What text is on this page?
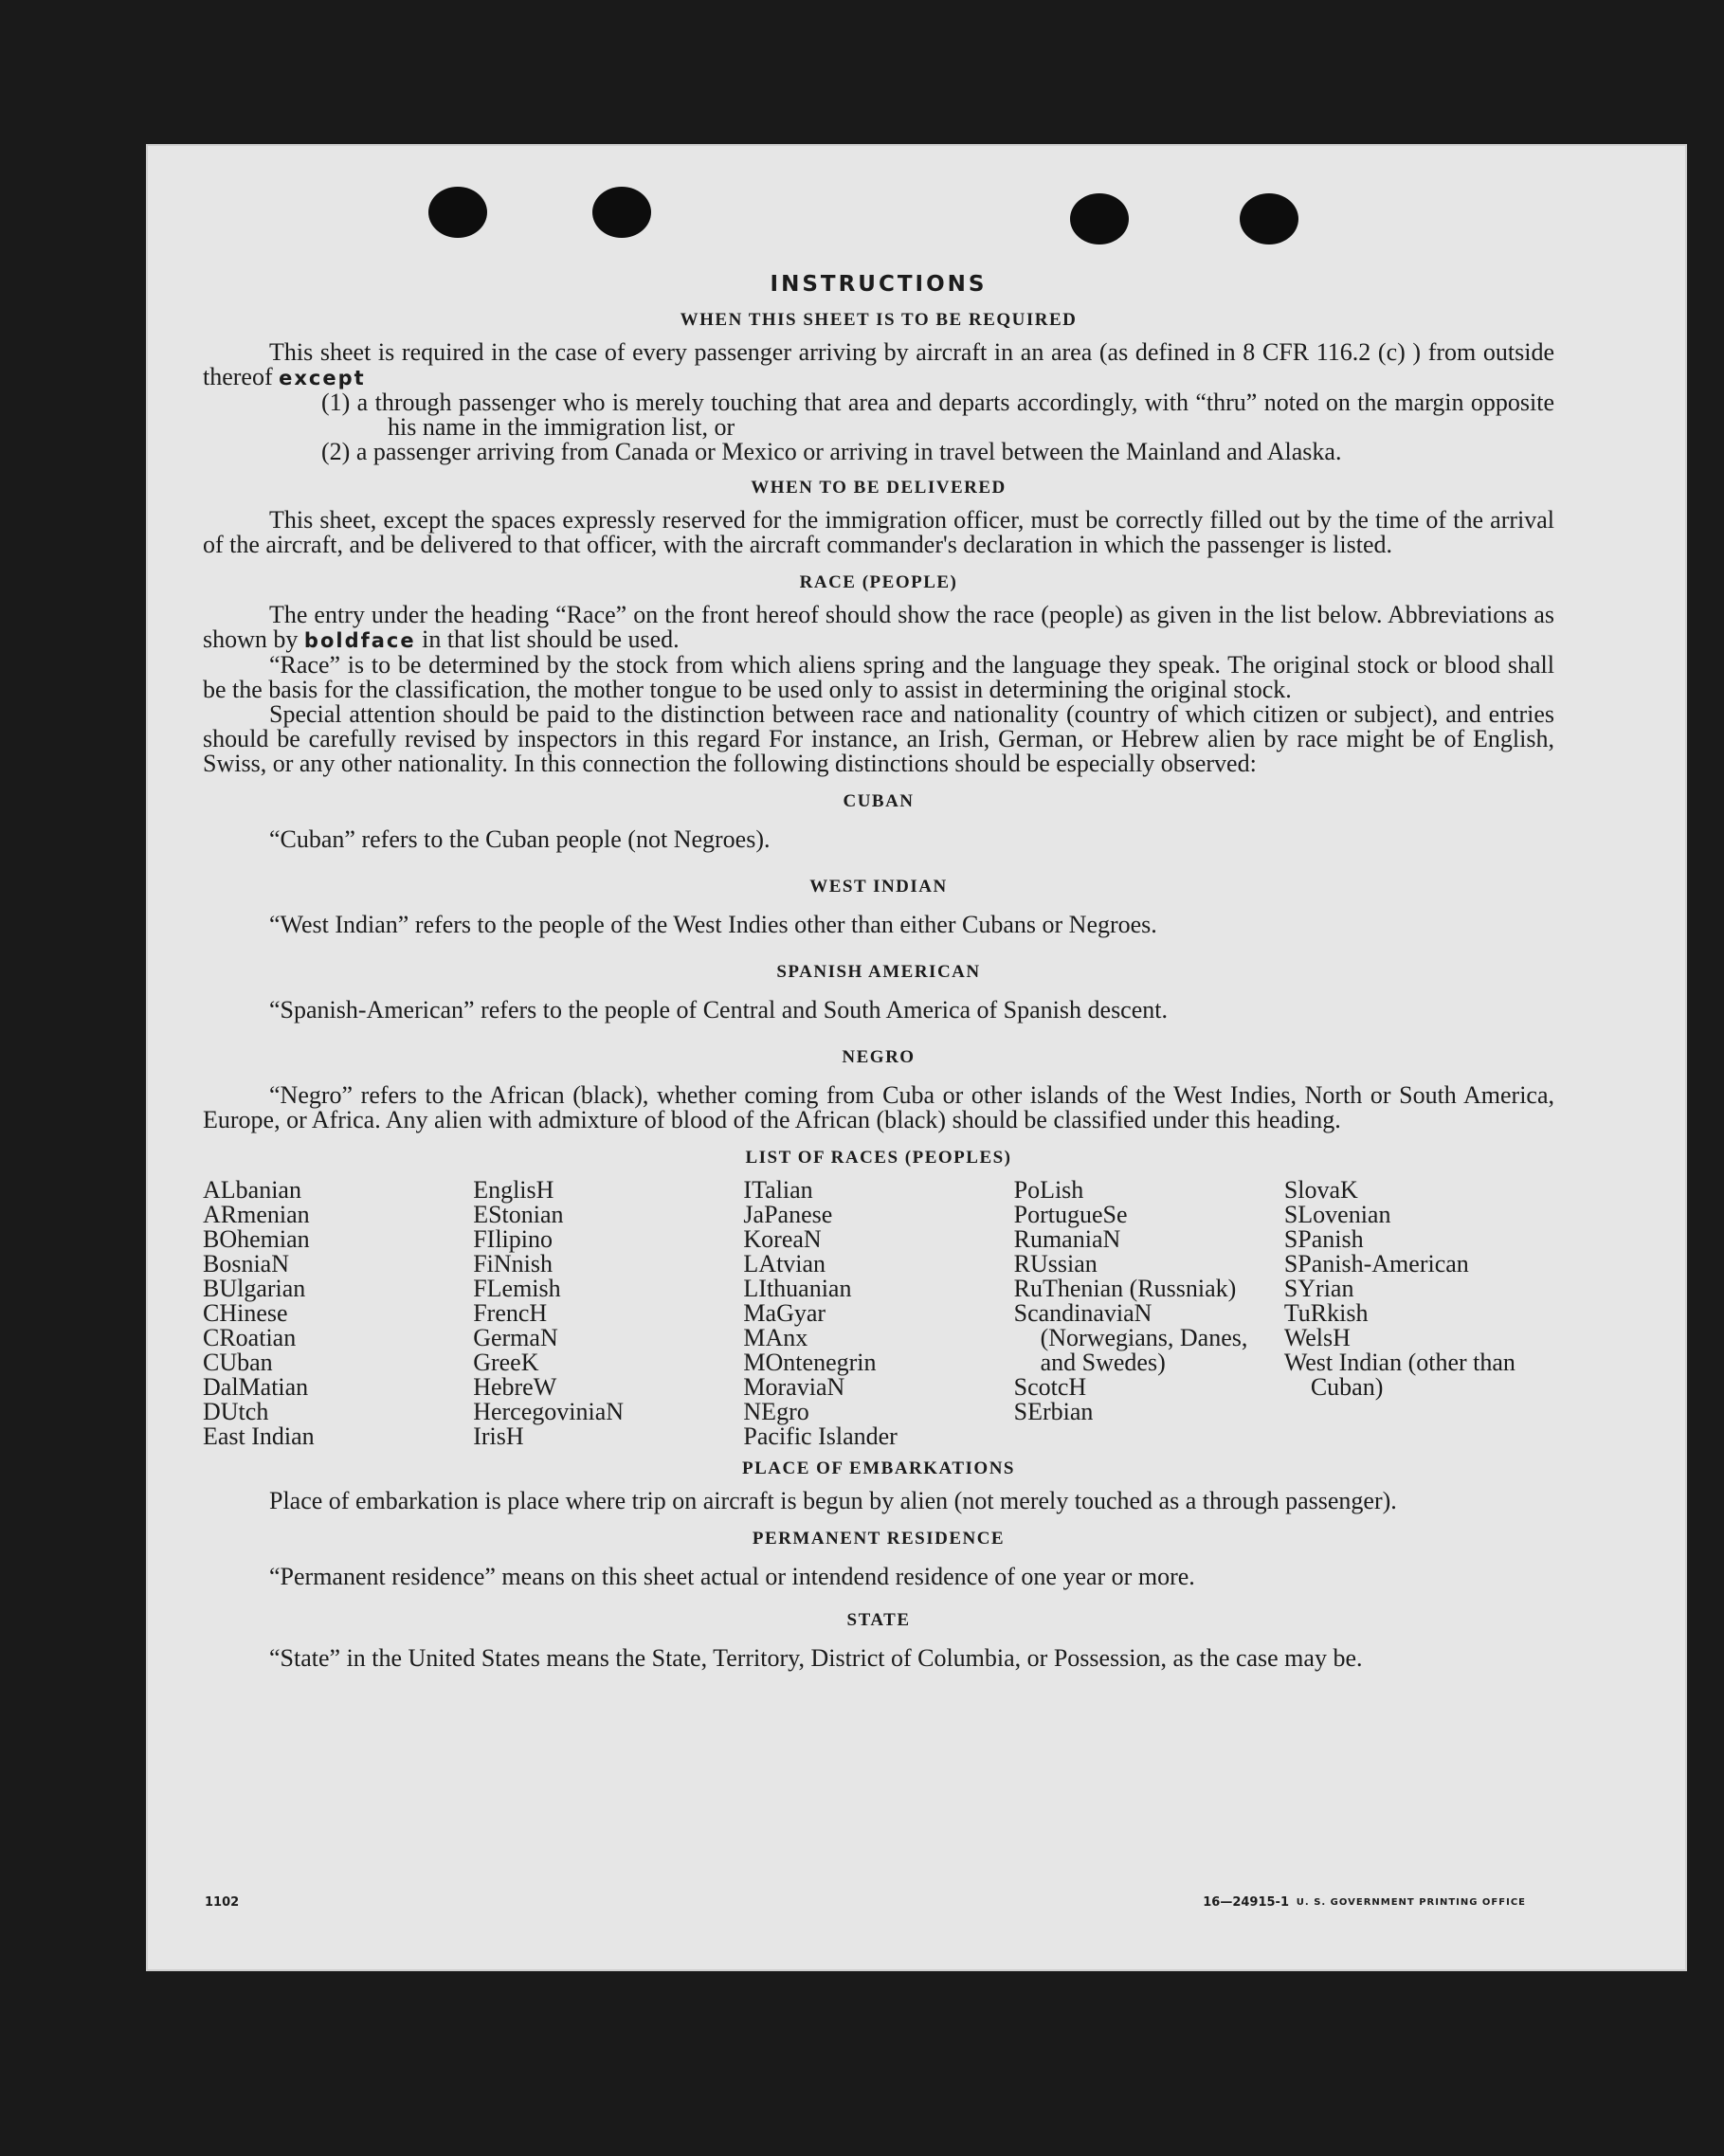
INSTRUCTIONS
WHEN THIS SHEET IS TO BE REQUIRED

This sheet is required in the case of every passenger arriving by aircraft in an area (as defined in 8 CFR 116.2 (c) ) from outside thereof except

(1) a through passenger who is merely touching that area and departs accordingly, with “thru” noted on the margin opposite his name in the immigration list, or

(2) a passenger arriving from Canada or Mexico or arriving in travel between the Mainland and Alaska.

WHEN TO BE DELIVERED

This sheet, except the spaces expressly reserved for the immigration officer, must be correctly filled out by the time of the arrival of the aircraft, and be delivered to that officer, with the aircraft commander's declaration in which the passenger is listed.

RACE (PEOPLE)

The entry under the heading “Race” on the front hereof should show the race (people) as given in the list below. Abbreviations as shown by boldface in that list should be used.

“Race” is to be determined by the stock from which aliens spring and the language they speak. The original stock or blood shall be the basis for the classification, the mother tongue to be used only to assist in determining the original stock.

Special attention should be paid to the distinction between race and nationality (country of which citizen or subject), and entries should be carefully revised by inspectors in this regard For instance, an Irish, German, or Hebrew alien by race might be of English, Swiss, or any other nationality. In this connection the following distinctions should be especially observed:

CUBAN

“Cuban” refers to the Cuban people (not Negroes).

WEST INDIAN

“West Indian” refers to the people of the West Indies other than either Cubans or Negroes.

SPANISH AMERICAN

“Spanish-American” refers to the people of Central and South America of Spanish descent.

NEGRO

“Negro” refers to the African (black), whether coming from Cuba or other islands of the West Indies, North or South America, Europe, or Africa. Any alien with admixture of blood of the African (black) should be classified under this heading.

LIST OF RACES (PEOPLES)
ALbanian
ARmenian
BOhemian
BosniaN
BUlgarian
CHinese
CRoatian
CUban
DalMatian
DUtch
East Indian
EnglisH
EStonian
FIlipino
FiNnish
FLemish
FrencH
GermaN
GreeK
HebreW
HercegoviniaN
IrisH
ITalian
JaPanese
KoreaN
LAtvian
LIthuanian
MaGyar
MAnx
MOntenegrin
MoraviaN
NEgro
Pacific Islander
PoLish
PortugueSe
RumaniaN
RUssian
RuThenian (Russniak)
ScandinaviaN (Norwegians, Danes, and Swedes)
ScotcH
SErbian
SlovaK
SLovenian
SPanish
SPanish-American
SYrian
TuRkish
WelsH
West Indian (other than Cuban)
PLACE OF EMBARKATIONS

Place of embarkation is place where trip on aircraft is begun by alien (not merely touched as a through passenger).

PERMANENT RESIDENCE

“Permanent residence” means on this sheet actual or intendend residence of one year or more.

STATE

“State” in the United States means the State, Territory, District of Columbia, or Possession, as the case may be.

1102	16—24915-1 U. S. GOVERNMENT PRINTING OFFICE
